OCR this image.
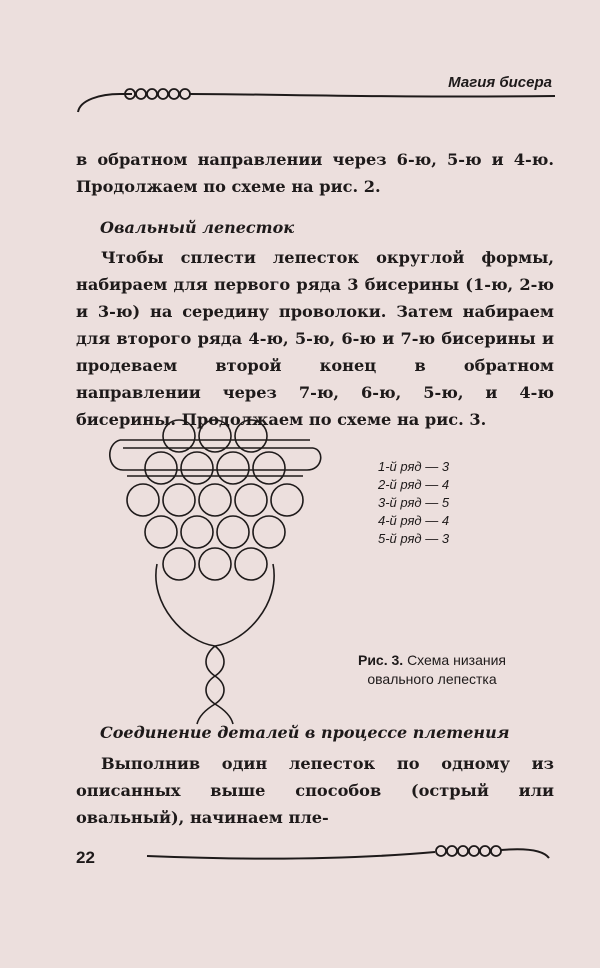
Магия бисера
в обратном направлении через 6-ю, 5-ю и 4-ю. Продолжаем по схеме на рис. 2.
Овальный лепесток
Чтобы сплести лепесток округлой формы, набираем для первого ряда 3 бисерины (1-ю, 2-ю и 3-ю) на середину проволоки. Затем набираем для второго ряда 4-ю, 5-ю, 6-ю и 7-ю бисерины и продеваем второй конец в обратном направлении через 7-ю, 6-ю, 5-ю, и 4-ю бисерины. Продолжаем по схеме на рис. 3.
1-й ряд — 3
2-й ряд — 4
3-й ряд — 5
4-й ряд — 4
5-й ряд — 3
Рис. 3. Схема низания овального лепестка
Соединение деталей в процессе плетения
Выполнив один лепесток по одному из описанных выше способов (острый или овальный), начинаем пле-
22
